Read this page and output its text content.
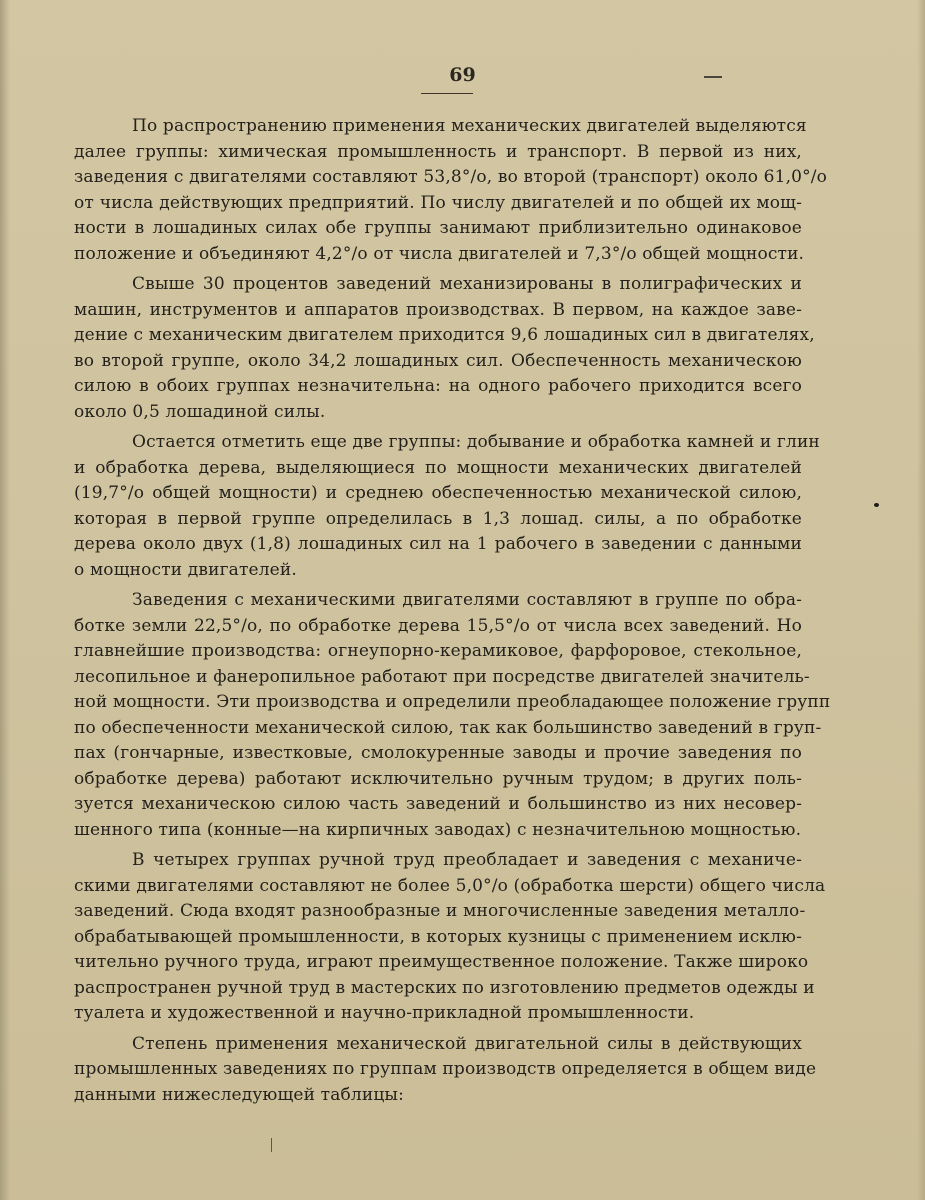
69
По распространению применения механических двигателей выделяются
далее группы: химическая промышленность и транспорт. В первой из них,
заведения с двигателями составляют 53,8°/о, во второй (транспорт) около 61,0°/о
от числа действующих предприятий. По числу двигателей и по общей их мощ-
ности в лошадиных силах обе группы занимают приблизительно одинаковое
положение и объединяют 4,2°/о от числа двигателей и 7,3°/о общей мощности.
Свыше 30 процентов заведений механизированы в полиграфических и
машин, инструментов и аппаратов производствах. В первом, на каждое заве-
дение с механическим двигателем приходится 9,6 лошадиных сил в двигателях,
во второй группе, около 34,2 лошадиных сил. Обеспеченность механическою
силою в обоих группах незначительна: на одного рабочего приходится всего
около 0,5 лошадиной силы.
Остается отметить еще две группы: добывание и обработка камней и глин
и обработка дерева, выделяющиеся по мощности механических двигателей
(19,7°/о общей мощности) и среднею обеспеченностью механической силою,
которая в первой группе определилась в 1,3 лошад. силы, а по обработке
дерева около двух (1,8) лошадиных сил на 1 рабочего в заведении с данными
о мощности двигателей.
Заведения с механическими двигателями составляют в группе по обра-
ботке земли 22,5°/о, по обработке дерева 15,5°/о от числа всех заведений. Но
главнейшие производства: огнеупорно-керамиковое, фарфоровое, стекольное,
лесопильное и фанеропильное работают при посредстве двигателей значитель-
ной мощности. Эти производства и определили преобладающее положение групп
по обеспеченности механической силою, так как большинство заведений в груп-
пах (гончарные, известковые, смолокуренные заводы и прочие заведения по
обработке дерева) работают исключительно ручным трудом; в других поль-
зуется механическою силою часть заведений и большинство из них несовер-
шенного типа (конные—на кирпичных заводах) с незначительною мощностью.
В четырех группах ручной труд преобладает и заведения с механиче-
скими двигателями составляют не более 5,0°/о (обработка шерсти) общего числа
заведений. Сюда входят разнообразные и многочисленные заведения металло-
обрабатывающей промышленности, в которых кузницы с применением исклю-
чительно ручного труда, играют преимущественное положение. Также широко
распространен ручной труд в мастерских по изготовлению предметов одежды и
туалета и художественной и научно-прикладной промышленности.
Степень применения механической двигательной силы в действующих
промышленных заведениях по группам производств определяется в общем виде
данными нижеследующей таблицы:
